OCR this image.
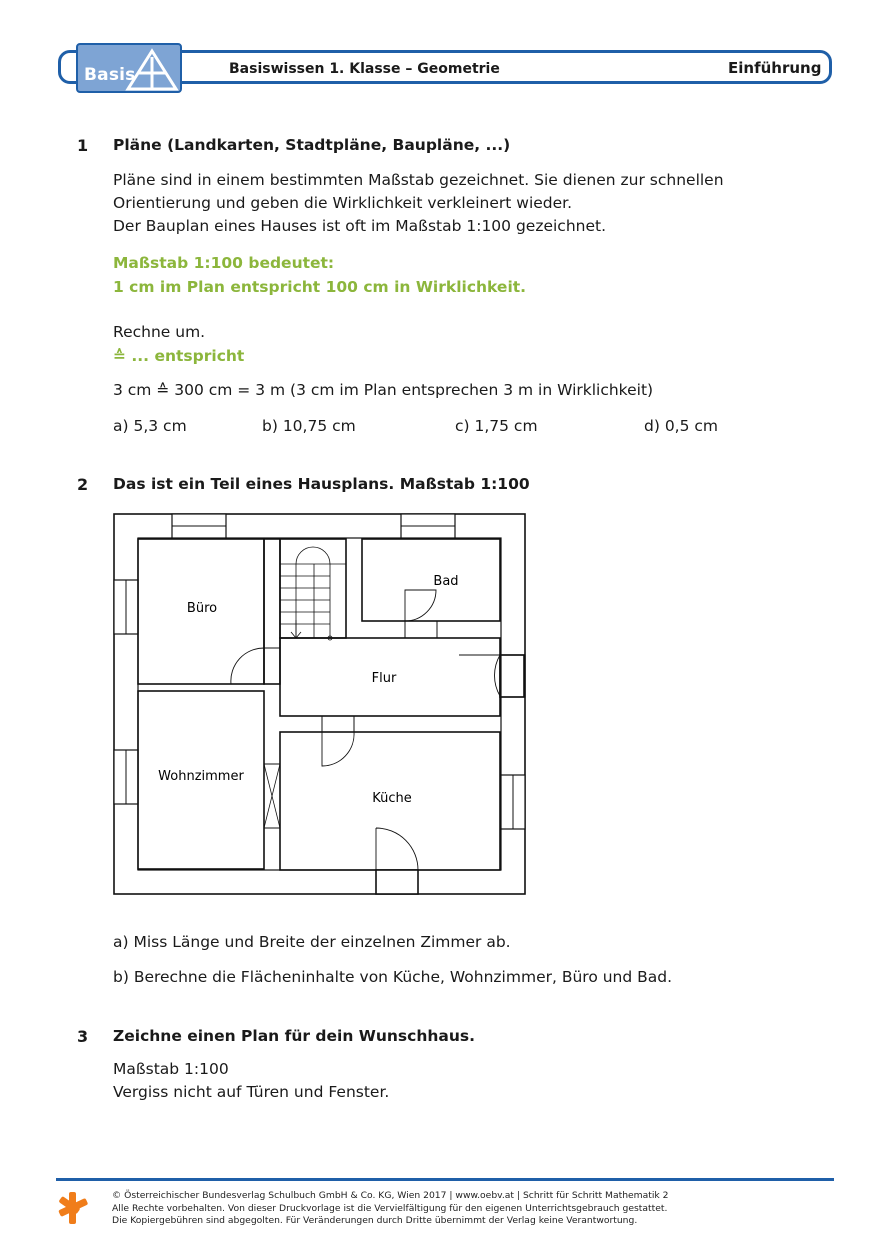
Basis	Basiswissen 1. Klasse – Geometrie	Einführung
1 Pläne (Landkarten, Stadtpläne, Baupläne, ...)
Pläne sind in einem bestimmten Maßstab gezeichnet. Sie dienen zur schnellen
Orientierung und geben die Wirklichkeit verkleinert wieder.
Der Bauplan eines Hauses ist oft im Maßstab 1:100 gezeichnet.
Maßstab 1:100 bedeutet:
1 cm im Plan entspricht 100 cm in Wirklichkeit.
Rechne um.
≙ ... entspricht
3 cm ≙ 300 cm = 3 m (3 cm im Plan entsprechen 3 m in Wirklichkeit)
a) 5,3 cm	b) 10,75 cm	c) 1,75 cm	d) 0,5 cm
2 Das ist ein Teil eines Hausplans. Maßstab 1:100
Büro
Bad
Flur
Wohnzimmer
Küche
a) Miss Länge und Breite der einzelnen Zimmer ab.
b) Berechne die Flächeninhalte von Küche, Wohnzimmer, Büro und Bad.
3 Zeichne einen Plan für dein Wunschhaus.
Maßstab 1:100
Vergiss nicht auf Türen und Fenster.
© Österreichischer Bundesverlag Schulbuch GmbH & Co. KG, Wien 2017 | www.oebv.at | Schritt für Schritt Mathematik 2
Alle Rechte vorbehalten. Von dieser Druckvorlage ist die Vervielfältigung für den eigenen Unterrichtsgebrauch gestattet.
Die Kopiergebühren sind abgegolten. Für Veränderungen durch Dritte übernimmt der Verlag keine Verantwortung.
